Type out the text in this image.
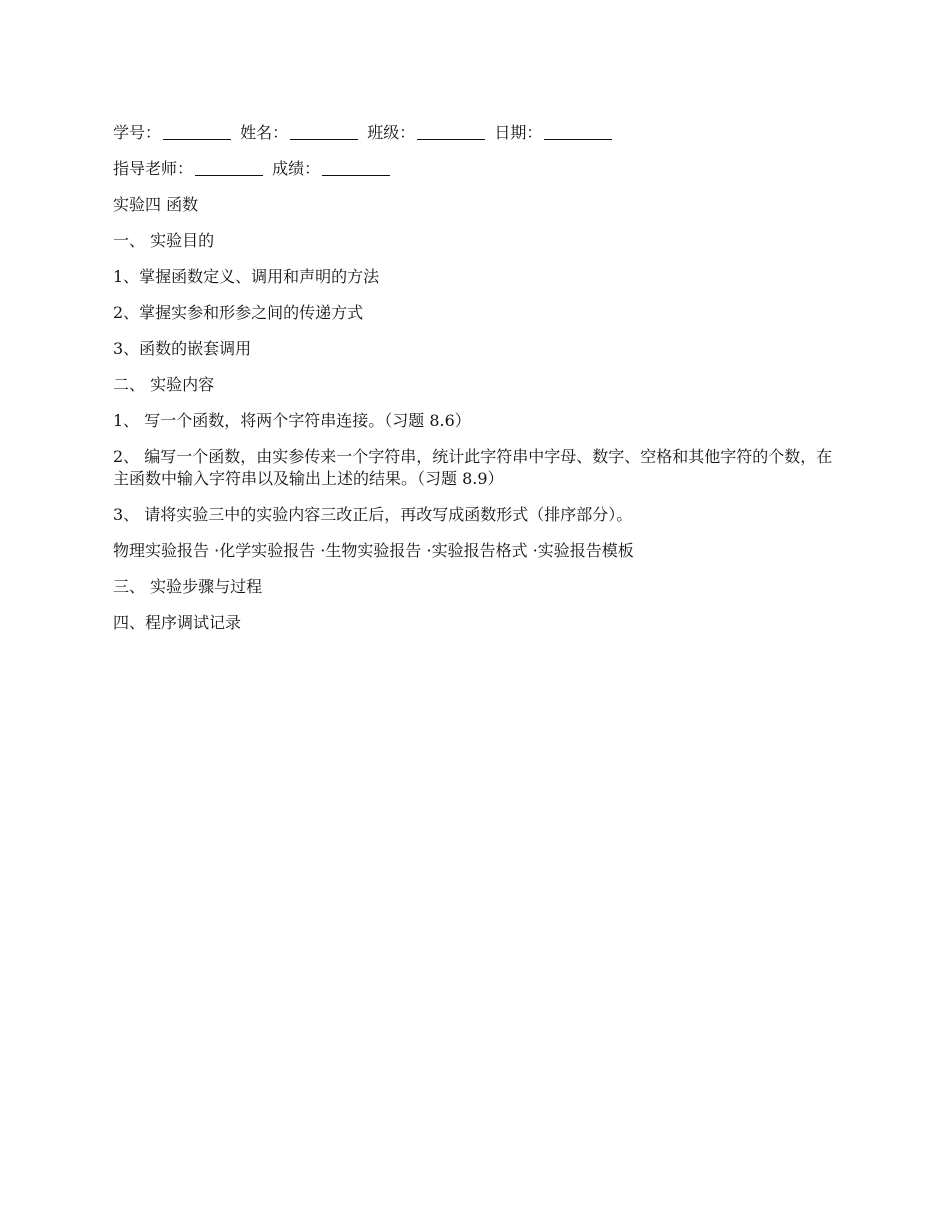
学号：	姓名：	班级：	日期：

指导老师：	成绩：

实验四 函数

一、 实验目的

1、掌握函数定义、调用和声明的方法

2、掌握实参和形参之间的传递方式

3、函数的嵌套调用

二、 实验内容

1、 写一个函数，将两个字符串连接。（习题 8.6）

2、 编写一个函数，由实参传来一个字符串，统计此字符串中字母、数字、空格和其他字符的个数，在主函数中输入字符串以及输出上述的结果。（习题 8.9）

3、 请将实验三中的实验内容三改正后，再改写成函数形式（排序部分）。

物理实验报告 ·化学实验报告 ·生物实验报告 ·实验报告格式 ·实验报告模板

三、 实验步骤与过程

四、程序调试记录
